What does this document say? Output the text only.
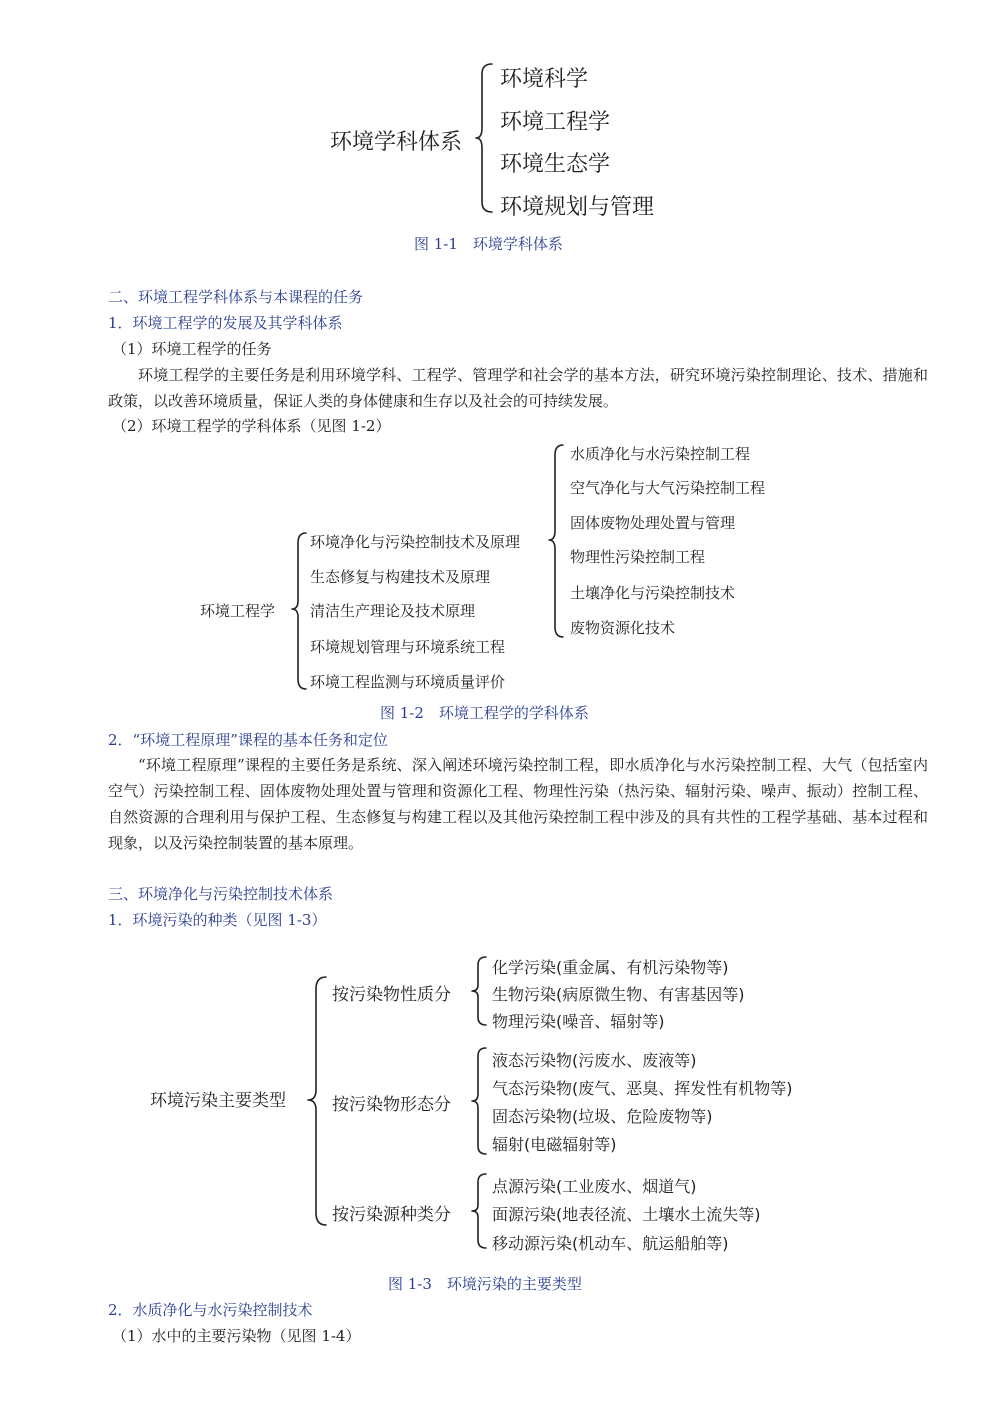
环境学科体系
环境科学
环境工程学
环境生态学
环境规划与管理
图 1-1　环境学科体系
二、环境工程学科体系与本课程的任务
1．环境工程学的发展及其学科体系
（1）环境工程学的任务

环境工程学的主要任务是利用环境学科、工程学、管理学和社会学的基本方法，研究环境污染控制理论、技术、措施和政策，以改善环境质量，保证人类的身体健康和生存以及社会的可持续发展。

（2）环境工程学的学科体系（见图 1-2）
环境工程学
环境净化与污染控制技术及原理
生态修复与构建技术及原理
清洁生产理论及技术原理
环境规划管理与环境系统工程
环境工程监测与环境质量评价
水质净化与水污染控制工程
空气净化与大气污染控制工程
固体废物处理处置与管理
物理性污染控制工程
土壤净化与污染控制技术
废物资源化技术
图 1-2　环境工程学的学科体系
2．“环境工程原理”课程的基本任务和定位

“环境工程原理”课程的主要任务是系统、深入阐述环境污染控制工程，即水质净化与水污染控制工程、大气（包括室内空气）污染控制工程、固体废物处理处置与管理和资源化工程、物理性污染（热污染、辐射污染、噪声、振动）控制工程、自然资源的合理利用与保护工程、生态修复与构建工程以及其他污染控制工程中涉及的具有共性的工程学基础、基本过程和现象，以及污染控制装置的基本原理。

三、环境净化与污染控制技术体系
1．环境污染的种类（见图 1-3）
环境污染主要类型
按污染物性质分
化学污染(重金属、有机污染物等)
生物污染(病原微生物、有害基因等)
物理污染(噪音、辐射等)
按污染物形态分
液态污染物(污废水、废液等)
气态污染物(废气、恶臭、挥发性有机物等)
固态污染物(垃圾、危险废物等)
辐射(电磁辐射等)
按污染源种类分
点源污染(工业废水、烟道气)
面源污染(地表径流、土壤水土流失等)
移动源污染(机动车、航运船舶等)
图 1-3　环境污染的主要类型
2．水质净化与水污染控制技术
（1）水中的主要污染物（见图 1-4）
